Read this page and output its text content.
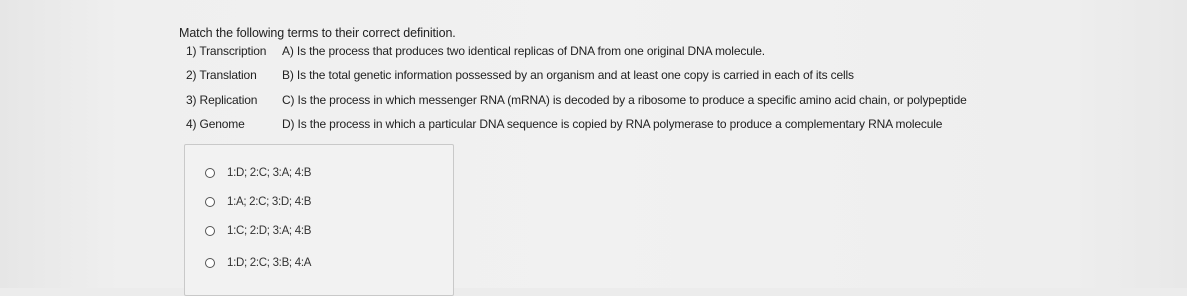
Match the following terms to their correct definition.
1) Transcription A) Is the process that produces two identical replicas of DNA from one original DNA molecule.
2) Translation B) Is the total genetic information possessed by an organism and at least one copy is carried in each of its cells
3) Replication C) Is the process in which messenger RNA (mRNA) is decoded by a ribosome to produce a specific amino acid chain, or polypeptide
4) Genome	D) Is the process in which a particular DNA sequence is copied by RNA polymerase to produce a complementary RNA molecule
1:D; 2:C; 3:A; 4:B
1:A; 2:C; 3:D; 4:B
1:C; 2:D; 3:A; 4:B
1:D; 2:C; 3:B; 4:A
